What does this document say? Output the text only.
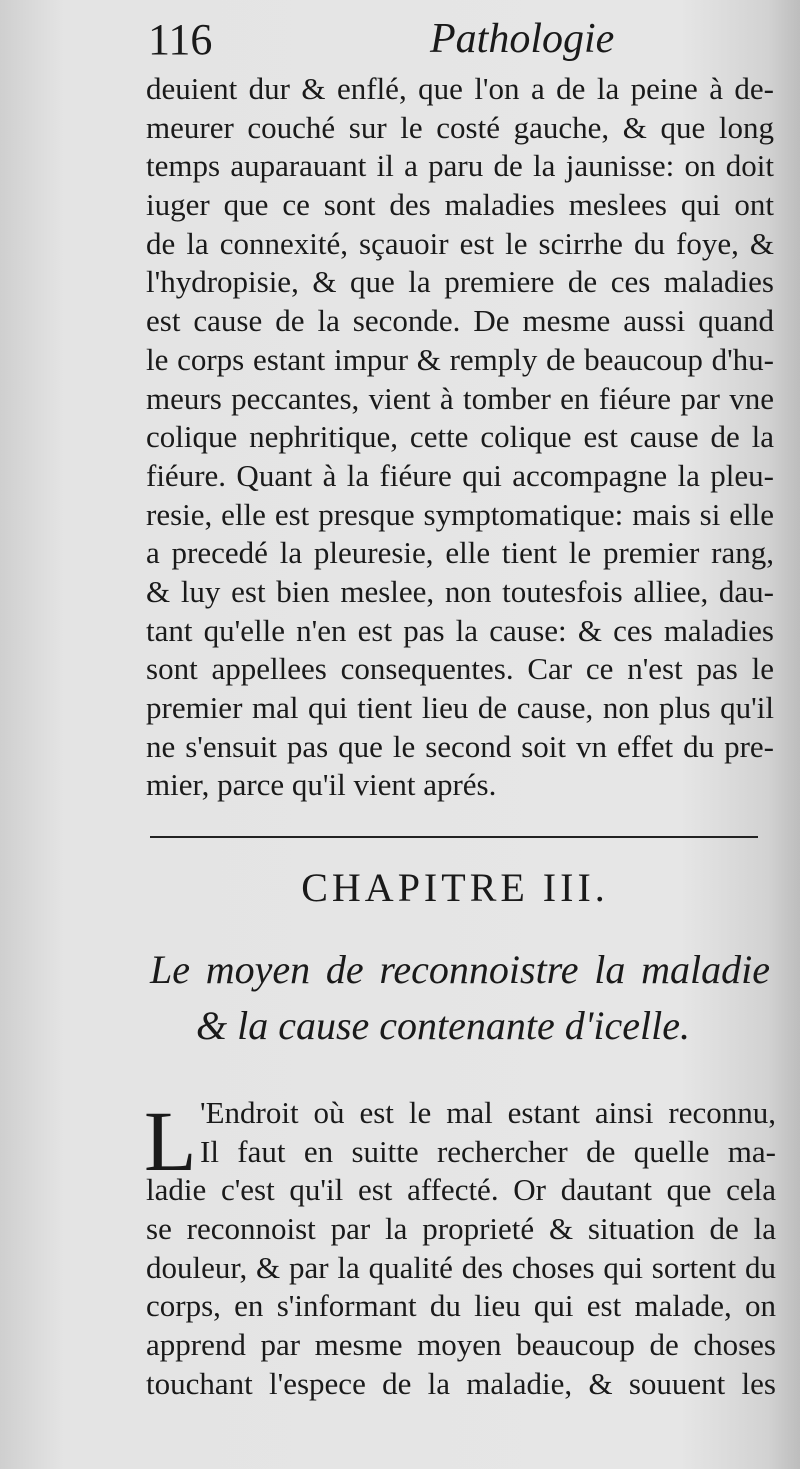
116	Pathologie
deuient dur & enflé, que l'on a de la peine à de-
meurer couché sur le costé gauche, & que long
temps auparauant il a paru de la jaunisse: on doit
iuger que ce sont des maladies meslees qui ont
de la connexité, sçauoir est le scirrhe du foye, &
l'hydropisie, & que la premiere de ces maladies
est cause de la seconde. De mesme aussi quand
le corps estant impur & remply de beaucoup d'hu-
meurs peccantes, vient à tomber en fiéure par vne
colique nephritique, cette colique est cause de la
fiéure. Quant à la fiéure qui accompagne la pleu-
resie, elle est presque symptomatique: mais si elle
a precedé la pleuresie, elle tient le premier rang,
& luy est bien meslee, non toutesfois alliee, dau-
tant qu'elle n'en est pas la cause: & ces maladies
sont appellees consequentes. Car ce n'est pas le
premier mal qui tient lieu de cause, non plus qu'il
ne s'ensuit pas que le second soit vn effet du pre-
mier, parce qu'il vient aprés.
CHAPITRE III.
Le moyen de reconnoistre la maladie
& la cause contenante d'icelle.
L 'Endroit où est le mal estant ainsi reconnu,
Il faut en suitte rechercher de quelle ma-
ladie c'est qu'il est affecté. Or dautant que cela
se reconnoist par la proprieté & situation de la
douleur, & par la qualité des choses qui sortent du
corps, en s'informant du lieu qui est malade, on
apprend par mesme moyen beaucoup de choses
touchant l'espece de la maladie, & souuent les
